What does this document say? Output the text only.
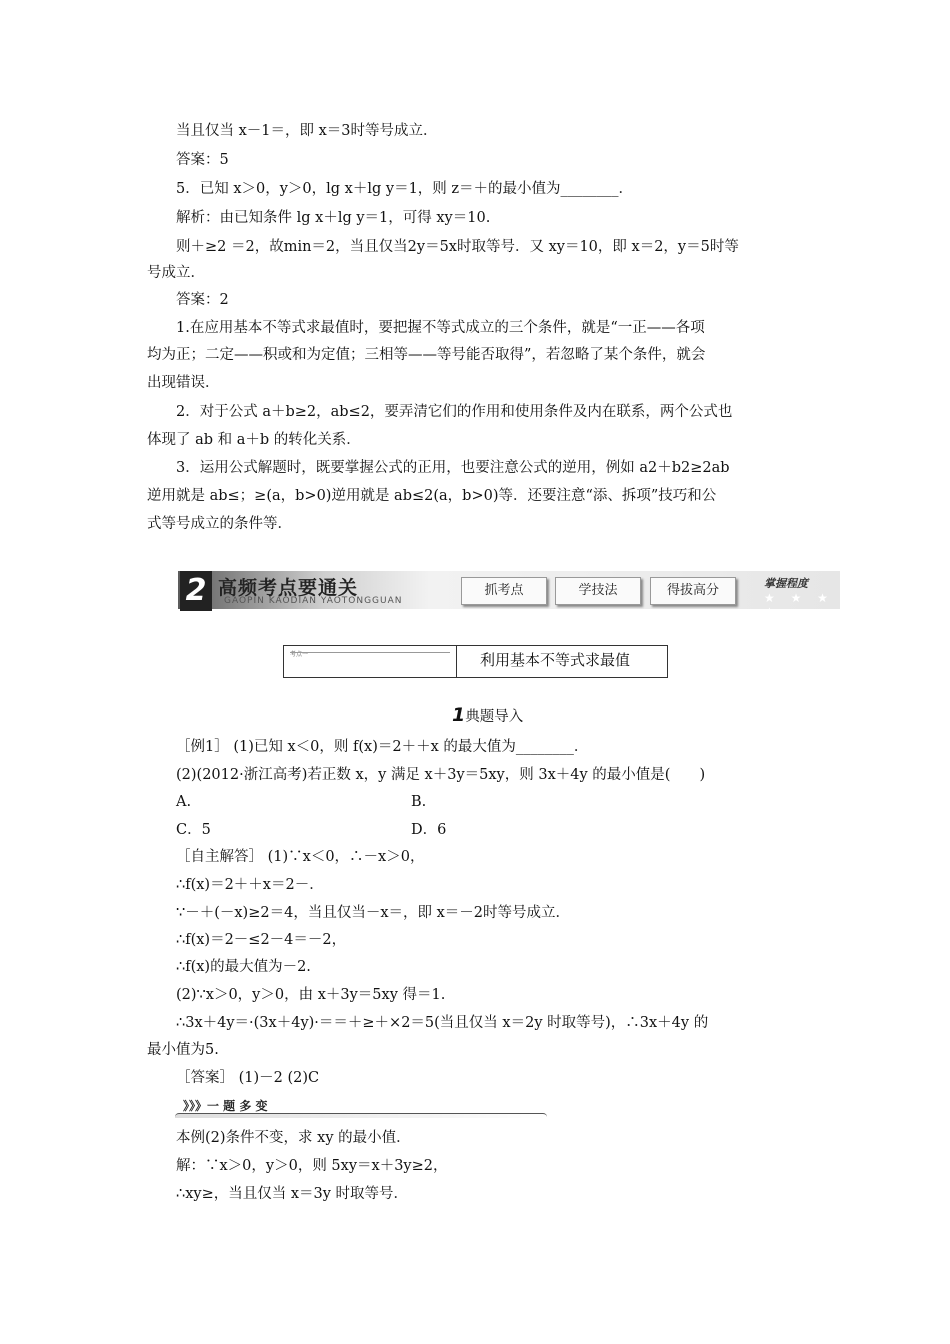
当且仅当 x－1＝，即 x＝3时等号成立．
答案：5
5．已知 x＞0，y＞0，lg x＋lg y＝1，则 z＝＋的最小值为________．
解析：由已知条件 lg x＋lg y＝1，可得 xy＝10.
则＋≥2 ＝2，故min＝2，当且仅当2y＝5x时取等号．又 xy＝10，即 x＝2，y＝5时等
号成立．
答案：2
1.在应用基本不等式求最值时，要把握不等式成立的三个条件，就是“一正——各项
均为正；二定——积或和为定值；三相等——等号能否取得”，若忽略了某个条件，就会
出现错误．
2．对于公式 a＋b≥2，ab≤2，要弄清它们的作用和使用条件及内在联系，两个公式也
体现了 ab 和 a＋b 的转化关系．
3．运用公式解题时，既要掌握公式的正用，也要注意公式的逆用，例如 a2＋b2≥2ab
逆用就是 ab≤；≥(a，b>0)逆用就是 ab≤2(a，b>0)等．还要注意“添、拆项”技巧和公
式等号成立的条件等．
2 高频考点要通关
GAOPIN KAODIAN YAOTONGGUAN
抓考点	学技法	得拔高分	掌握程度
★ ★ ★ ★
考点一	利用基本不等式求最值
1典题导入
［例1］ (1)已知 x＜0，则 f(x)＝2＋＋x 的最大值为________．
(2)(2012·浙江高考)若正数 x，y 满足 x＋3y＝5xy，则 3x＋4y 的最小值是(　　)
A.	B.
C．5	D．6
［自主解答］ (1)∵x＜0，∴－x＞0，
∴f(x)＝2＋＋x＝2－．
∵－＋(－x)≥2＝4，当且仅当－x＝，即 x＝－2时等号成立．
∴f(x)＝2－≤2－4＝－2，
∴f(x)的最大值为－2.
(2)∵x＞0，y＞0，由 x＋3y＝5xy 得＝1.
∴3x＋4y＝·(3x＋4y)·＝＝＋≥＋×2＝5(当且仅当 x＝2y 时取等号)，∴3x＋4y 的
最小值为5.
［答案］ (1)－2 (2)C
》》》一 题 多 变
本例(2)条件不变，求 xy 的最小值．
解：∵x＞0，y＞0，则 5xy＝x＋3y≥2，
∴xy≥，当且仅当 x＝3y 时取等号．
